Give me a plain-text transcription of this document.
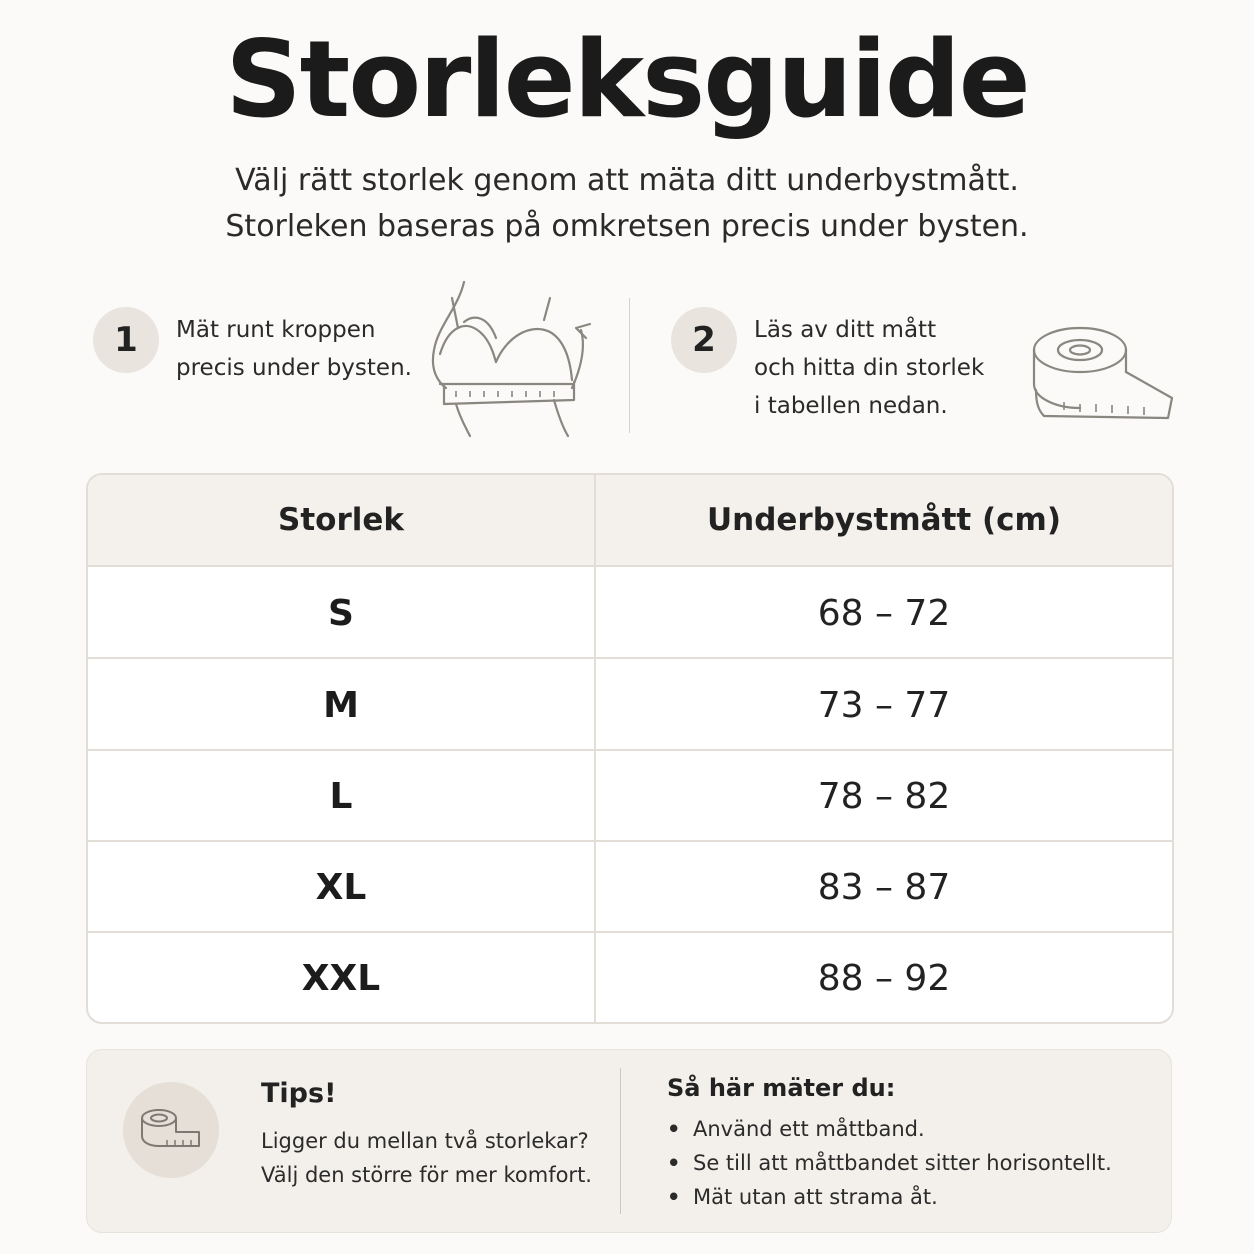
Storleksguide
Välj rätt storlek genom att mäta ditt underbystmått.
Storleken baseras på omkretsen precis under bysten.
1	Mät runt kroppen
precis under bysten.
2	Läs av ditt mått
och hitta din storlek
i tabellen nedan.
Storlek	Underbystmått (cm)
S	68 – 72
M	73 – 77
L	78 – 82
XL	83 – 87
XXL	88 – 92
Tips!
Ligger du mellan två storlekar?
Välj den större för mer komfort.
Så här mäter du:
• Använd ett måttband.
• Se till att måttbandet sitter horisontellt.
• Mät utan att strama åt.
